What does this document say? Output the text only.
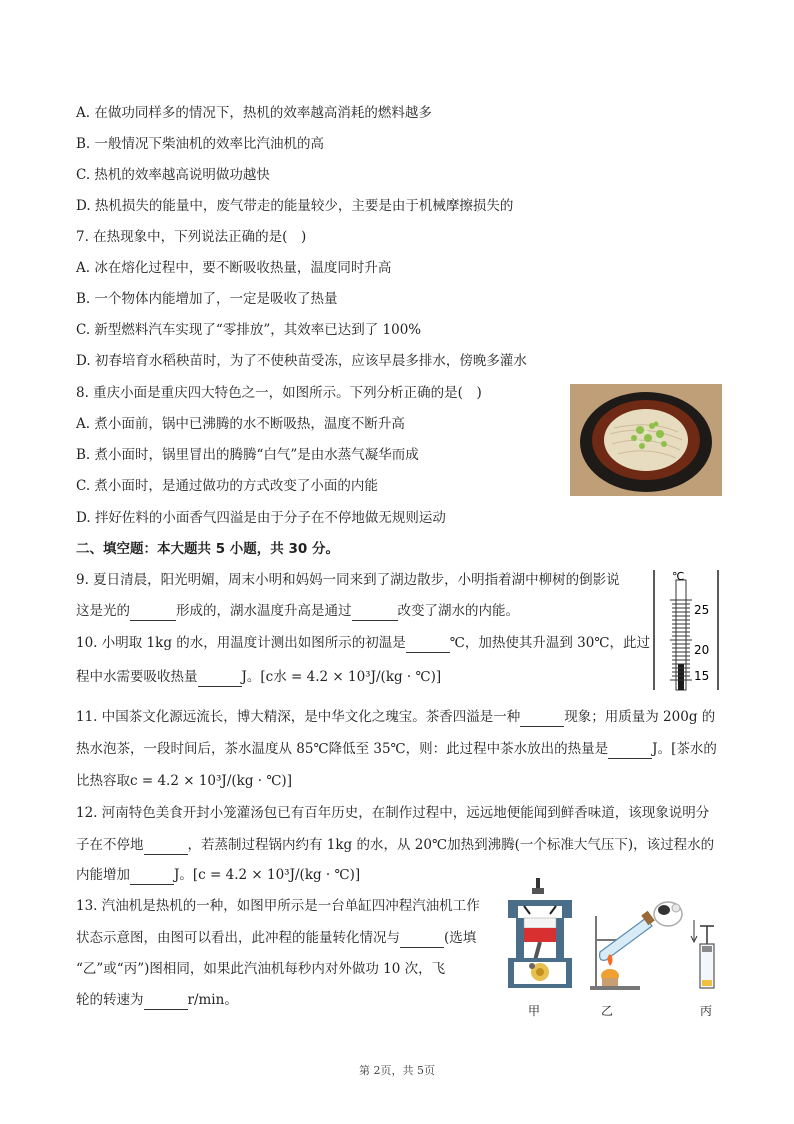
A. 在做功同样多的情况下，热机的效率越高消耗的燃料越多
B. 一般情况下柴油机的效率比汽油机的高
C. 热机的效率越高说明做功越快
D. 热机损失的能量中，废气带走的能量较少，主要是由于机械摩擦损失的
7. 在热现象中，下列说法正确的是(　)
A. 冰在熔化过程中，要不断吸收热量，温度同时升高
B. 一个物体内能增加了，一定是吸收了热量
C. 新型燃料汽车实现了“零排放”，其效率已达到了 100%
D. 初春培育水稻秧苗时，为了不使秧苗受冻，应该早晨多排水，傍晚多灌水
8. 重庆小面是重庆四大特色之一，如图所示。下列分析正确的是(　)
A. 煮小面前，锅中已沸腾的水不断吸热，温度不断升高
B. 煮小面时，锅里冒出的腾腾“白气”是由水蒸气凝华而成
C. 煮小面时，是通过做功的方式改变了小面的内能
D. 拌好佐料的小面香气四溢是由于分子在不停地做无规则运动
二、填空题：本大题共 5 小题，共 30 分。
9. 夏日清晨，阳光明媚，周末小明和妈妈一同来到了湖边散步，小明指着湖中柳树的倒影说
这是光的	形成的，湖水温度升高是通过	改变了湖水的内能。
10. 小明取 1kg 的水，用温度计测出如图所示的初温是	℃，加热使其升温到 30℃，此过
程中水需要吸收热量	J。[c水 = 4.2 × 10³J/(kg · ℃)]
℃
25
20
15
11. 中国茶文化源远流长，博大精深，是中华文化之瑰宝。茶香四溢是一种	现象；用质量为 200g 的
热水泡茶，一段时间后，茶水温度从 85℃降低至 35℃，则：此过程中茶水放出的热量是	J。[茶水的
比热容取c = 4.2 × 10³J/(kg · ℃)]
12. 河南特色美食开封小笼灌汤包已有百年历史，在制作过程中，远远地便能闻到鲜香味道，该现象说明分
子在不停地	，若蒸制过程锅内约有 1kg 的水，从 20℃加热到沸腾(一个标准大气压下)，该过程水的
内能增加	J。[c = 4.2 × 10³J/(kg · ℃)]
13. 汽油机是热机的一种，如图甲所示是一台单缸四冲程汽油机工作
状态示意图，由图可以看出，此冲程的能量转化情况与	(选填
“乙”或“丙”)图相同，如果此汽油机每秒内对外做功 10 次，飞
轮的转速为	r/min。
甲	乙	丙
第 2页，共 5页
